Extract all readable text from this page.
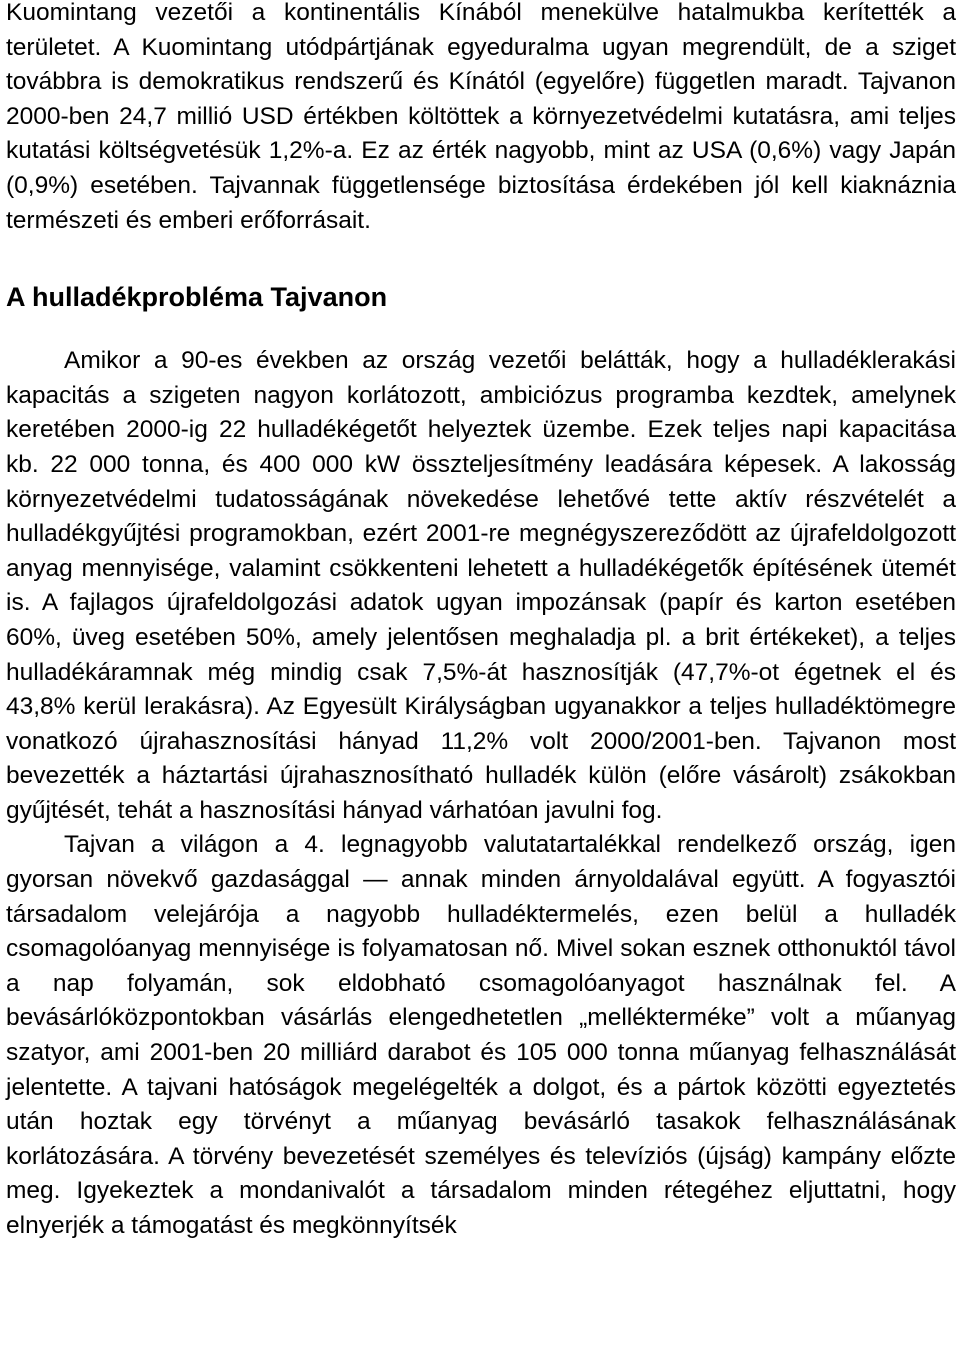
Kuomintang vezetői a kontinentális Kínából menekülve hatalmukba kerítették a területet. A Kuomintang utódpártjának egyeduralma ugyan megrendült, de a sziget továbbra is demokratikus rendszerű és Kínától (egyelőre) független maradt. Tajvanon 2000-ben 24,7 millió USD értékben költöttek a környezetvédelmi kutatásra, ami teljes kutatási költségvetésük 1,2%-a. Ez az érték nagyobb, mint az USA (0,6%) vagy Japán (0,9%) esetében. Tajvannak függetlensége biztosítása érdekében jól kell kiaknáznia természeti és emberi erőforrásait.

A hulladékprobléma Tajvanon

Amikor a 90-es években az ország vezetői belátták, hogy a hulladéklerakási kapacitás a szigeten nagyon korlátozott, ambiciózus programba kezdtek, amelynek keretében 2000-ig 22 hulladékégetőt helyeztek üzembe. Ezek teljes napi kapacitása kb. 22 000 tonna, és 400 000 kW összteljesítmény leadására képesek. A lakosság környezetvédelmi tudatosságának növekedése lehetővé tette aktív részvételét a hulladékgyűjtési programokban, ezért 2001-re megnégyszereződött az újrafeldolgozott anyag mennyisége, valamint csökkenteni lehetett a hulladékégetők építésének ütemét is. A fajlagos újrafeldolgozási adatok ugyan impozánsak (papír és karton esetében 60%, üveg esetében 50%, amely jelentősen meghaladja pl. a brit értékeket), a teljes hulladékáramnak még mindig csak 7,5%-át hasznosítják (47,7%-ot égetnek el és 43,8% kerül lerakásra). Az Egyesült Királyságban ugyanakkor a teljes hulladéktömegre vonatkozó újrahasznosítási hányad 11,2% volt 2000/2001-ben. Tajvanon most bevezették a háztartási újrahasznosítható hulladék külön (előre vásárolt) zsákokban gyűjtését, tehát a hasznosítási hányad várhatóan javulni fog.

Tajvan a világon a 4. legnagyobb valutatartalékkal rendelkező ország, igen gyorsan növekvő gazdasággal — annak minden árnyoldalával együtt. A fogyasztói társadalom velejárója a nagyobb hulladéktermelés, ezen belül a hulladék csomagolóanyag mennyisége is folyamatosan nő. Mivel sokan esznek otthonuktól távol a nap folyamán, sok eldobható csomagolóanyagot használnak fel. A bevásárlóközpontokban vásárlás elengedhetetlen „mellékterméke” volt a műanyag szatyor, ami 2001-ben 20 milliárd darabot és 105 000 tonna műanyag felhasználását jelentette. A tajvani hatóságok megelégelték a dolgot, és a pártok közötti egyeztetés után hoztak egy törvényt a műanyag bevásárló tasakok felhasználásának korlátozására. A törvény bevezetését személyes és televíziós (újság) kampány előzte meg. Igyekeztek a mondanivalót a társadalom minden rétegéhez eljuttatni, hogy elnyerjék a támogatást és megkönnyítsék
